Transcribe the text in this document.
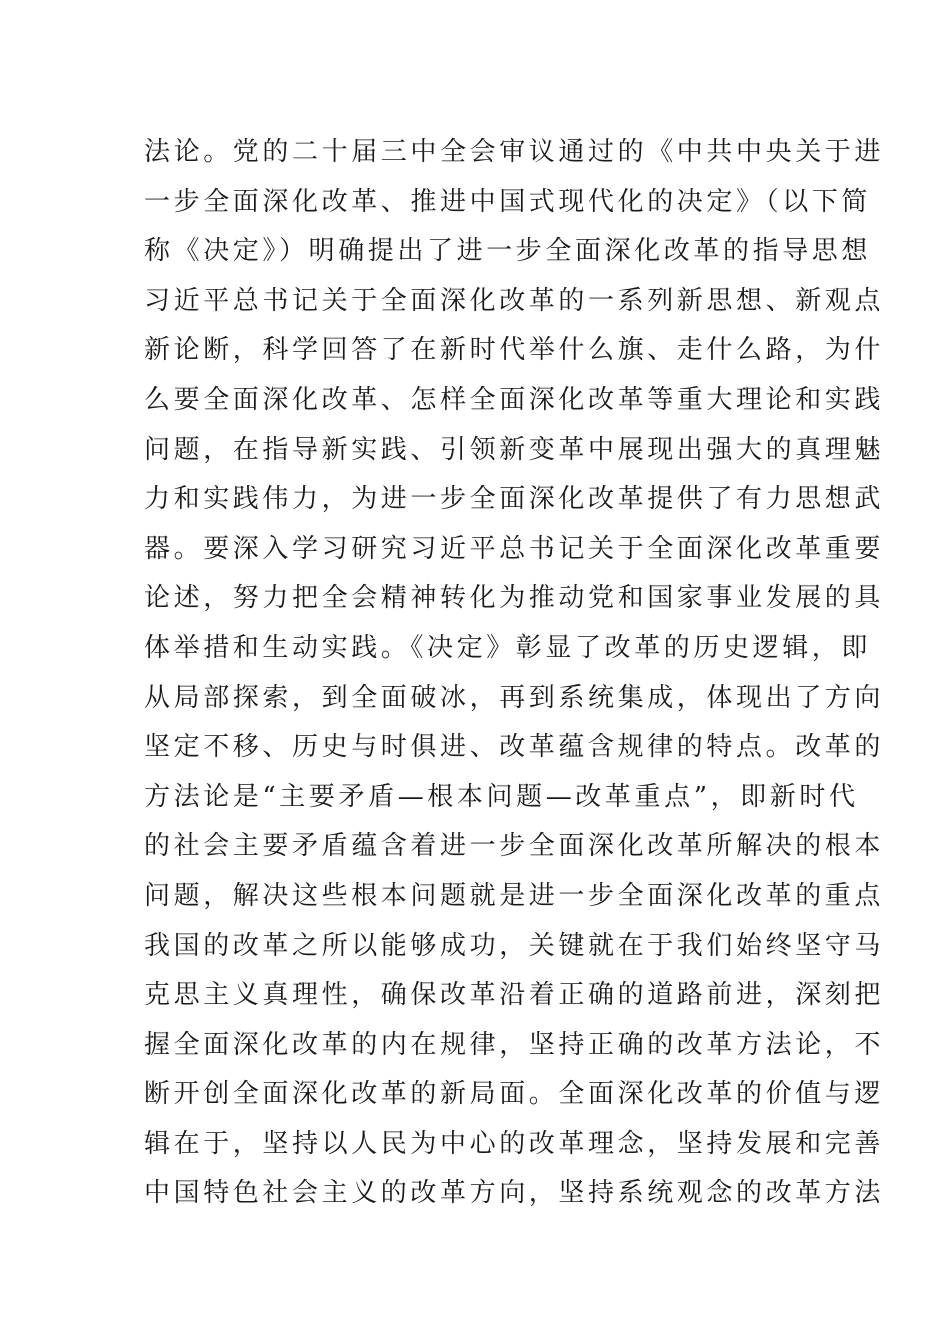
法论。党的二十届三中全会审议通过的《中共中央关于进
一步全面深化改革、推进中国式现代化的决定》（以下简
称《决定》）明确提出了进一步全面深化改革的指导思想
习近平总书记关于全面深化改革的一系列新思想、新观点
新论断，科学回答了在新时代举什么旗、走什么路，为什
么要全面深化改革、怎样全面深化改革等重大理论和实践
问题，在指导新实践、引领新变革中展现出强大的真理魅
力和实践伟力，为进一步全面深化改革提供了有力思想武
器。要深入学习研究习近平总书记关于全面深化改革重要
论述，努力把全会精神转化为推动党和国家事业发展的具
体举措和生动实践。《决定》彰显了改革的历史逻辑，即
从局部探索，到全面破冰，再到系统集成，体现出了方向
坚定不移、历史与时俱进、改革蕴含规律的特点。改革的
方法论是“主要矛盾—根本问题—改革重点”，即新时代
的社会主要矛盾蕴含着进一步全面深化改革所解决的根本
问题，解决这些根本问题就是进一步全面深化改革的重点
我国的改革之所以能够成功，关键就在于我们始终坚守马
克思主义真理性，确保改革沿着正确的道路前进，深刻把
握全面深化改革的内在规律，坚持正确的改革方法论，不
断开创全面深化改革的新局面。全面深化改革的价值与逻
辑在于，坚持以人民为中心的改革理念，坚持发展和完善
中国特色社会主义的改革方向，坚持系统观念的改革方法
